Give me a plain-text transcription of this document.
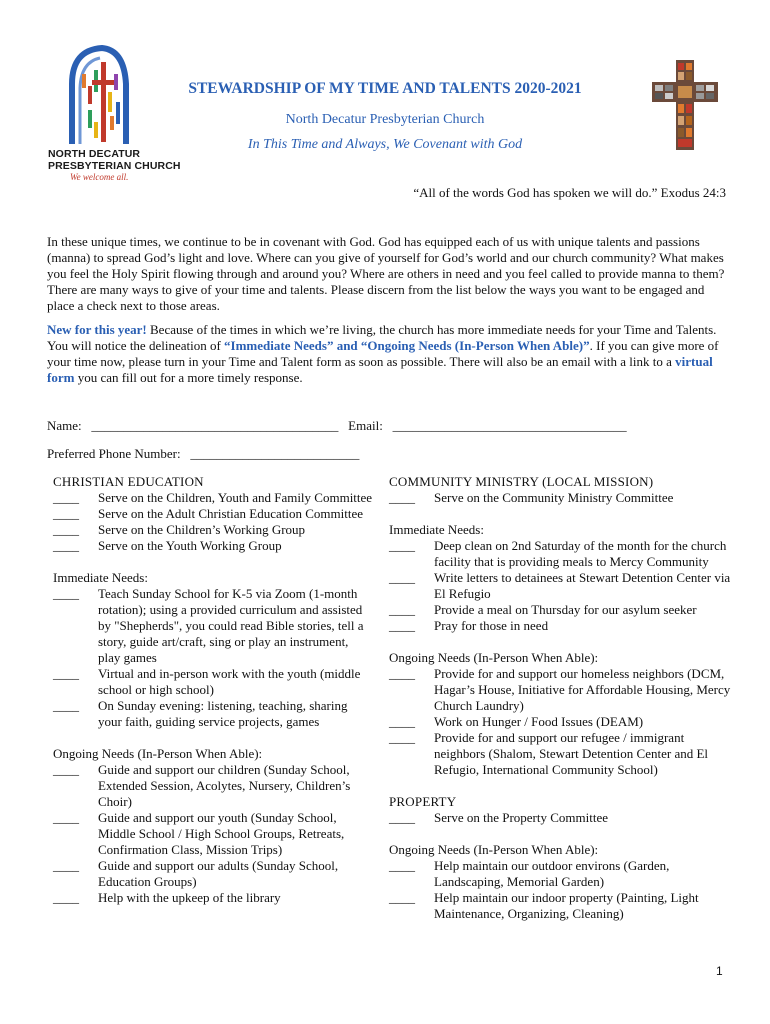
NORTH DECATUR
PRESBYTERIAN CHURCH
We welcome all.
STEWARDSHIP OF MY TIME AND TALENTS 2020-2021
North Decatur Presbyterian Church
In This Time and Always, We Covenant with God
“All of the words God has spoken we will do.” Exodus 24:3
In these unique times, we continue to be in covenant with God. God has equipped each of us with unique talents and passions (manna) to spread God’s light and love. Where can you give of yourself for God’s world and our church community? What makes you feel the Holy Spirit flowing through and around you? Where are others in need and you feel called to provide manna to them? There are many ways to give of your time and talents. Please discern from the list below the ways you want to be engaged and place a check next to those areas.
New for this year! Because of the times in which we’re living, the church has more immediate needs for your Time and Talents. You will notice the delineation of “Immediate Needs” and “Ongoing Needs (In-Person When Able)”. If you can give more of your time now, please turn in your Time and Talent form as soon as possible. There will also be an email with a link to a virtual form you can fill out for a more timely response.
Name: ______________________________________ Email: ____________________________________
Preferred Phone Number: __________________________
CHRISTIAN EDUCATION
____	Serve on the Children, Youth and Family Committee
____	Serve on the Adult Christian Education Committee
____	Serve on the Children’s Working Group
____	Serve on the Youth Working Group
Immediate Needs:
____	Teach Sunday School for K-5 via Zoom (1-month rotation); using a provided curriculum and assisted by "Shepherds", you could read Bible stories, tell a story, guide art/craft, sing or play an instrument, play games
____	Virtual and in-person work with the youth (middle school or high school)
____	On Sunday evening: listening, teaching, sharing your faith, guiding service projects, games
Ongoing Needs (In-Person When Able):
____	Guide and support our children (Sunday School, Extended Session, Acolytes, Nursery, Children’s Choir)
____	Guide and support our youth (Sunday School, Middle School / High School Groups, Retreats, Confirmation Class, Mission Trips)
____	Guide and support our adults (Sunday School, Education Groups)
____	Help with the upkeep of the library
COMMUNITY MINISTRY (LOCAL MISSION)
____	Serve on the Community Ministry Committee
Immediate Needs:
____	Deep clean on 2nd Saturday of the month for the church facility that is providing meals to Mercy Community
____	Write letters to detainees at Stewart Detention Center via El Refugio
____	Provide a meal on Thursday for our asylum seeker
____	Pray for those in need
Ongoing Needs (In-Person When Able):
____	Provide for and support our homeless neighbors (DCM, Hagar’s House, Initiative for Affordable Housing, Mercy Church Laundry)
____	Work on Hunger / Food Issues (DEAM)
____	Provide for and support our refugee / immigrant neighbors (Shalom, Stewart Detention Center and El Refugio, International Community School)
PROPERTY
____	Serve on the Property Committee
Ongoing Needs (In-Person When Able):
____	Help maintain our outdoor environs (Garden, Landscaping, Memorial Garden)
____	Help maintain our indoor property (Painting, Light Maintenance, Organizing, Cleaning)
1
